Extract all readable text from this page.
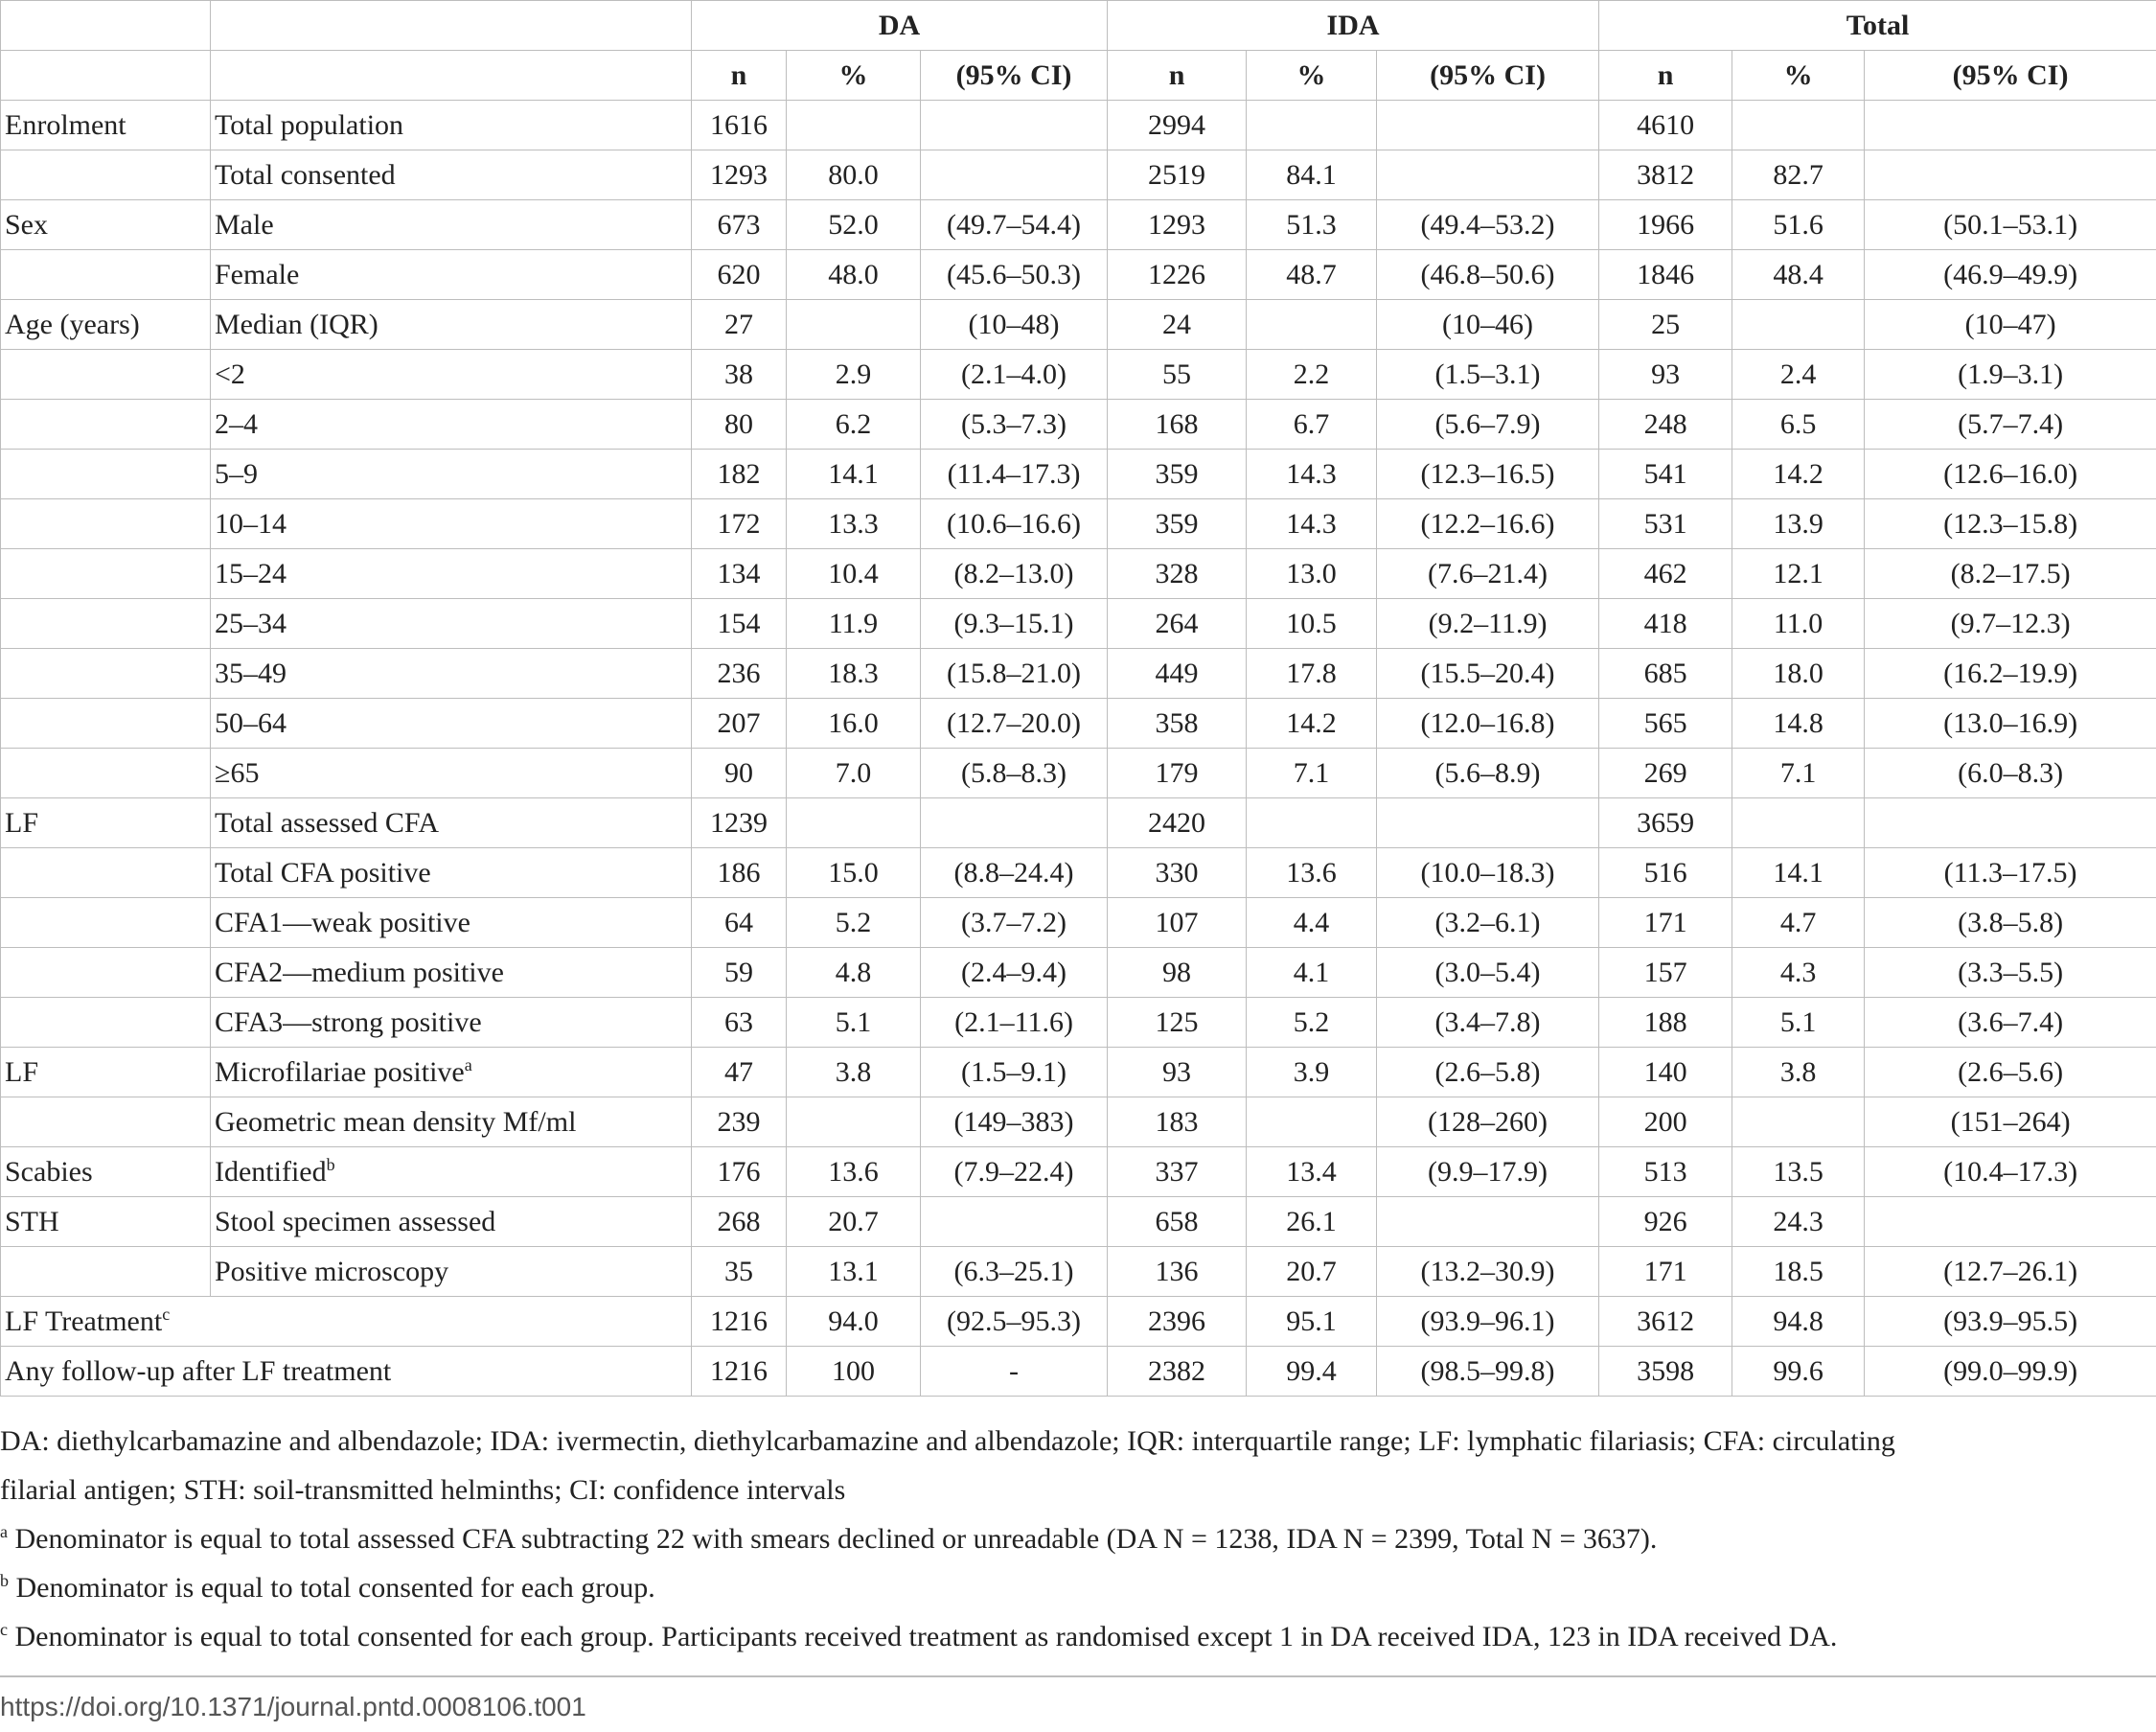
		DA			IDA			Total		
		n	%	(95% CI)	n	%	(95% CI)	n	%	(95% CI)
Enrolment	Total population	1616			2994			4610		
	Total consented	1293	80.0		2519	84.1		3812	82.7	
Sex	Male	673	52.0	(49.7–54.4)	1293	51.3	(49.4–53.2)	1966	51.6	(50.1–53.1)
	Female	620	48.0	(45.6–50.3)	1226	48.7	(46.8–50.6)	1846	48.4	(46.9–49.9)
Age (years)	Median (IQR)	27		(10–48)	24		(10–46)	25		(10–47)
	<2	38	2.9	(2.1–4.0)	55	2.2	(1.5–3.1)	93	2.4	(1.9–3.1)
	2–4	80	6.2	(5.3–7.3)	168	6.7	(5.6–7.9)	248	6.5	(5.7–7.4)
	5–9	182	14.1	(11.4–17.3)	359	14.3	(12.3–16.5)	541	14.2	(12.6–16.0)
	10–14	172	13.3	(10.6–16.6)	359	14.3	(12.2–16.6)	531	13.9	(12.3–15.8)
	15–24	134	10.4	(8.2–13.0)	328	13.0	(7.6–21.4)	462	12.1	(8.2–17.5)
	25–34	154	11.9	(9.3–15.1)	264	10.5	(9.2–11.9)	418	11.0	(9.7–12.3)
	35–49	236	18.3	(15.8–21.0)	449	17.8	(15.5–20.4)	685	18.0	(16.2–19.9)
	50–64	207	16.0	(12.7–20.0)	358	14.2	(12.0–16.8)	565	14.8	(13.0–16.9)
	≥65	90	7.0	(5.8–8.3)	179	7.1	(5.6–8.9)	269	7.1	(6.0–8.3)
LF	Total assessed CFA	1239			2420			3659		
	Total CFA positive	186	15.0	(8.8–24.4)	330	13.6	(10.0–18.3)	516	14.1	(11.3–17.5)
	CFA1—weak positive	64	5.2	(3.7–7.2)	107	4.4	(3.2–6.1)	171	4.7	(3.8–5.8)
	CFA2—medium positive	59	4.8	(2.4–9.4)	98	4.1	(3.0–5.4)	157	4.3	(3.3–5.5)
	CFA3—strong positive	63	5.1	(2.1–11.6)	125	5.2	(3.4–7.8)	188	5.1	(3.6–7.4)
LF	Microfilariae positive$^a$	47	3.8	(1.5–9.1)	93	3.9	(2.6–5.8)	140	3.8	(2.6–5.6)
	Geometric mean density Mf/ml	239		(149–383)	183		(128–260)	200		(151–264)
Scabies	Identified$^b$	176	13.6	(7.9–22.4)	337	13.4	(9.9–17.9)	513	13.5	(10.4–17.3)
STH	Stool specimen assessed	268	20.7		658	26.1		926	24.3	
	Positive microscopy	35	13.1	(6.3–25.1)	136	20.7	(13.2–30.9)	171	18.5	(12.7–26.1)
LF Treatment$^c$		1216	94.0	(92.5–95.3)	2396	95.1	(93.9–96.1)	3612	94.8	(93.9–95.5)
Any follow-up after LF treatment		1216	100	-	2382	99.4	(98.5–99.8)	3598	99.6	(99.0–99.9)

DA: diethylcarbamazine and albendazole; IDA: ivermectin, diethylcarbamazine and albendazole; IQR: interquartile range; LF: lymphatic filariasis; CFA: circulating

filarial antigen; STH: soil-transmitted helminths; CI: confidence intervals

$^a$ Denominator is equal to total assessed CFA subtracting 22 with smears declined or unreadable (DA N = 1238, IDA N = 2399, Total N = 3637).

$^b$ Denominator is equal to total consented for each group.

$^c$ Denominator is equal to total consented for each group. Participants received treatment as randomised except 1 in DA received IDA, 123 in IDA received DA.

https://doi.org/10.1371/journal.pntd.0008106.t001
